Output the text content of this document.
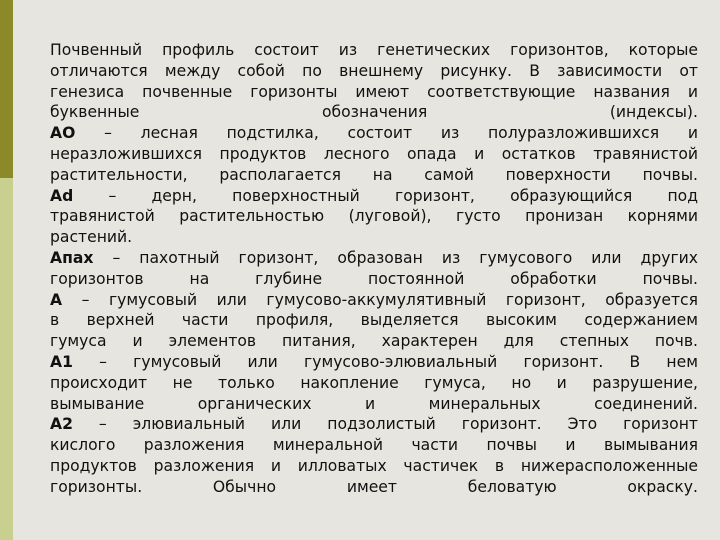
Почвенный профиль состоит из генетических горизонтов, которые
отличаются между собой по внешнему рисунку. В зависимости от
генезиса почвенные горизонты имеют соответствующие названия и
буквенные	обозначения	(индексы).
АО – лесная подстилка, состоит из полуразложившихся и
неразложившихся продуктов лесного опада и остатков травянистой
растительности, располагается на самой поверхности почвы.
Аd – дерн, поверхностный горизонт, образующийся под
травянистой растительностью (луговой), густо пронизан корнями
растений.
Апах – пахотный горизонт, образован из гумусового или других
горизонтов на глубине постоянной обработки почвы.
А – гумусовый или гумусово-аккумулятивный горизонт, образуется
в верхней части профиля, выделяется высоким содержанием
гумуса и элементов питания, характерен для степных почв.
А1 – гумусовый или гумусово-элювиальный горизонт. В нем
происходит не только накопление гумуса, но и разрушение,
вымывание органических и минеральных соединений.
А2 – элювиальный или подзолистый горизонт. Это горизонт
кислого разложения минеральной части почвы и вымывания
продуктов разложения и илловатых частичек в нижерасположенные
горизонты.	Обычно	имеет	беловатую	окраску.
